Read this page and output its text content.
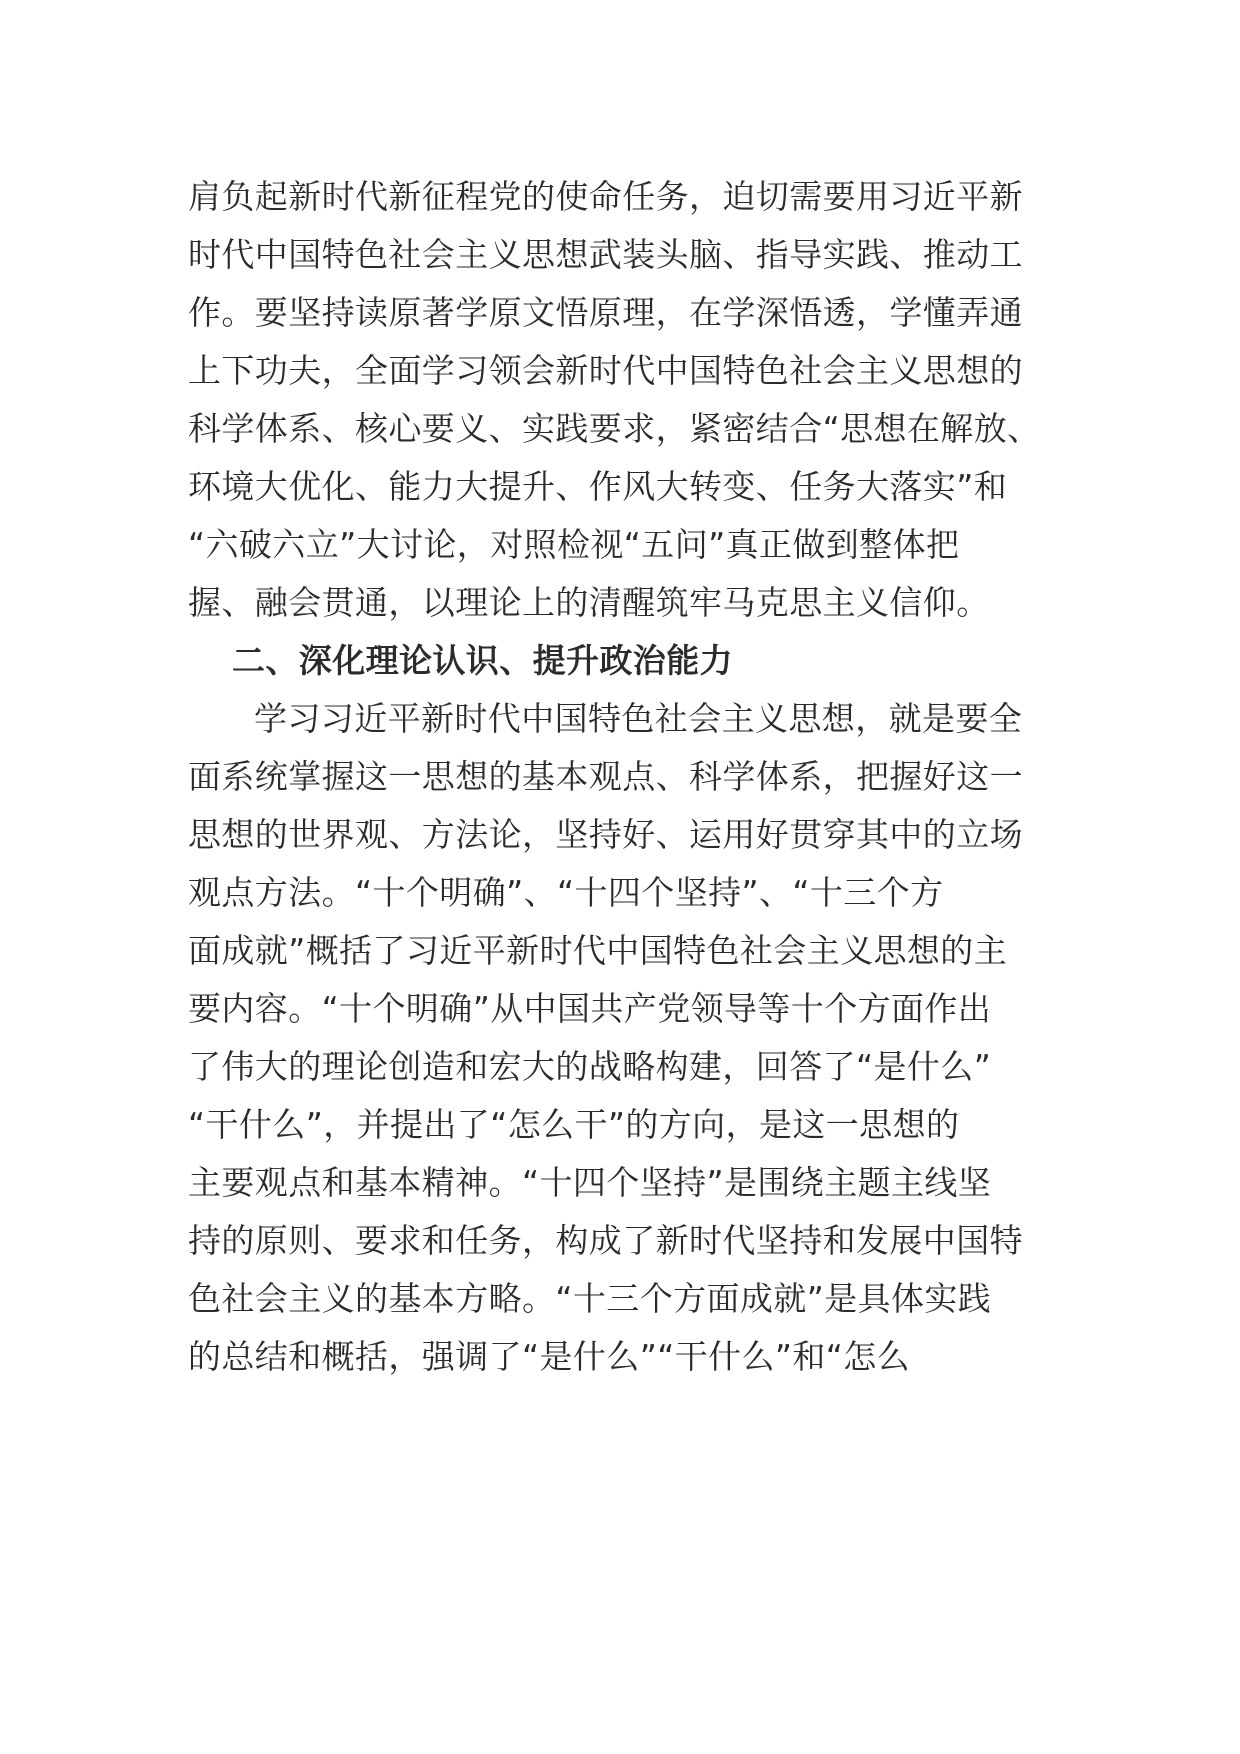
肩负起新时代新征程党的使命任务，迫切需要用习近平新
时代中国特色社会主义思想武装头脑、指导实践、推动工
作。要坚持读原著学原文悟原理，在学深悟透，学懂弄通
上下功夫，全面学习领会新时代中国特色社会主义思想的
科学体系、核心要义、实践要求，紧密结合“思想在解放、
环境大优化、能力大提升、作风大转变、任务大落实”和
“六破六立”大讨论，对照检视“五问”真正做到整体把
握、融会贯通，以理论上的清醒筑牢马克思主义信仰。
二、深化理论认识、提升政治能力
学习习近平新时代中国特色社会主义思想，就是要全
面系统掌握这一思想的基本观点、科学体系，把握好这一
思想的世界观、方法论，坚持好、运用好贯穿其中的立场
观点方法。“十个明确”、“十四个坚持”、“十三个方
面成就”概括了习近平新时代中国特色社会主义思想的主
要内容。“十个明确”从中国共产党领导等十个方面作出
了伟大的理论创造和宏大的战略构建，回答了“是什么”
“干什么”，并提出了“怎么干”的方向，是这一思想的
主要观点和基本精神。“十四个坚持”是围绕主题主线坚
持的原则、要求和任务，构成了新时代坚持和发展中国特
色社会主义的基本方略。“十三个方面成就”是具体实践
的总结和概括，强调了“是什么”“干什么”和“怎么
